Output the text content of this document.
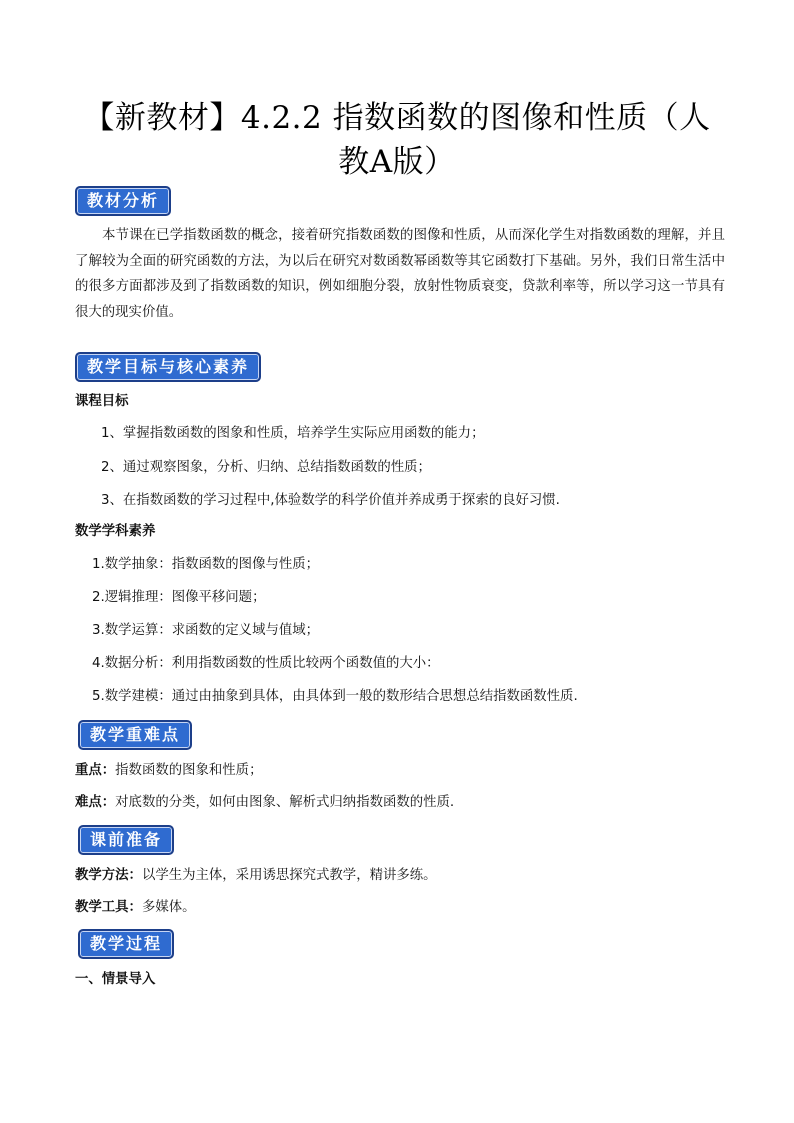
【新教材】4.2.2 指数函数的图像和性质（人
教A版）
教材分析

本节课在已学指数函数的概念，接着研究指数函数的图像和性质，从而深化学生对指数函数的理解，并且了解较为全面的研究函数的方法，为以后在研究对数函数幂函数等其它函数打下基础。另外，我们日常生活中的很多方面都涉及到了指数函数的知识，例如细胞分裂，放射性物质衰变，贷款利率等，所以学习这一节具有很大的现实价值。

教学目标与核心素养

课程目标

1、掌握指数函数的图象和性质，培养学生实际应用函数的能力；

2、通过观察图象，分析、归纳、总结指数函数的性质；

3、在指数函数的学习过程中,体验数学的科学价值并养成勇于探索的良好习惯.

数学学科素养

1.数学抽象：指数函数的图像与性质；

2.逻辑推理：图像平移问题；

3.数学运算：求函数的定义域与值域；

4.数据分析：利用指数函数的性质比较两个函数值的大小：

5.数学建模：通过由抽象到具体，由具体到一般的数形结合思想总结指数函数性质.

教学重难点

重点：指数函数的图象和性质；

难点：对底数的分类，如何由图象、解析式归纳指数函数的性质.

课前准备

教学方法：以学生为主体，采用诱思探究式教学，精讲多练。

教学工具：多媒体。

教学过程

一、情景导入
